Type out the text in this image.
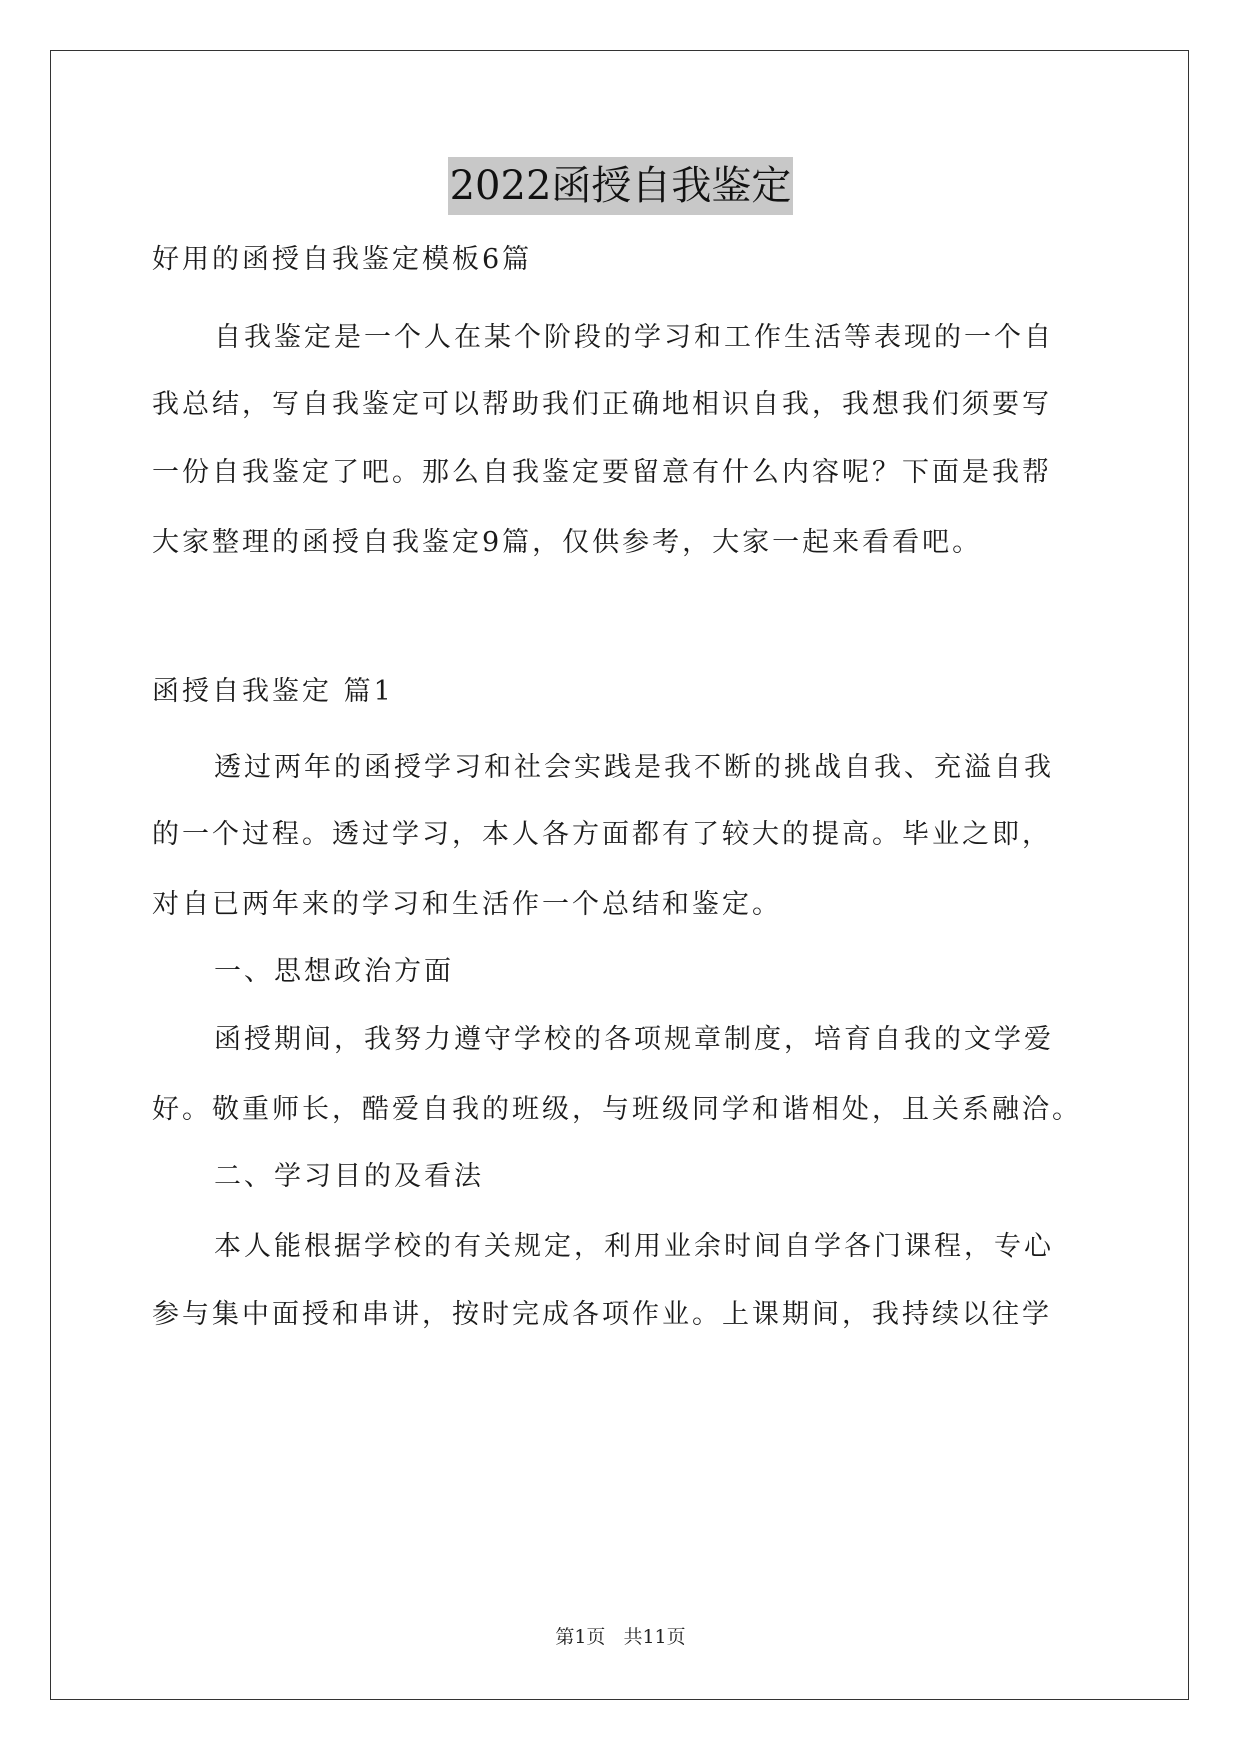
2022函授自我鉴定

好用的函授自我鉴定模板6篇

自我鉴定是一个人在某个阶段的学习和工作生活等表现的一个自

我总结，写自我鉴定可以帮助我们正确地相识自我，我想我们须要写

一份自我鉴定了吧。那么自我鉴定要留意有什么内容呢？下面是我帮

大家整理的函授自我鉴定9篇，仅供参考，大家一起来看看吧。

函授自我鉴定 篇1

透过两年的函授学习和社会实践是我不断的挑战自我、充溢自我

的一个过程。透过学习，本人各方面都有了较大的提高。毕业之即，

对自已两年来的学习和生活作一个总结和鉴定。

一、思想政治方面

函授期间，我努力遵守学校的各项规章制度，培育自我的文学爱

好。敬重师长，酷爱自我的班级，与班级同学和谐相处，且关系融洽。

二、学习目的及看法

本人能根据学校的有关规定，利用业余时间自学各门课程，专心

参与集中面授和串讲，按时完成各项作业。上课期间，我持续以往学

第1页 共11页
